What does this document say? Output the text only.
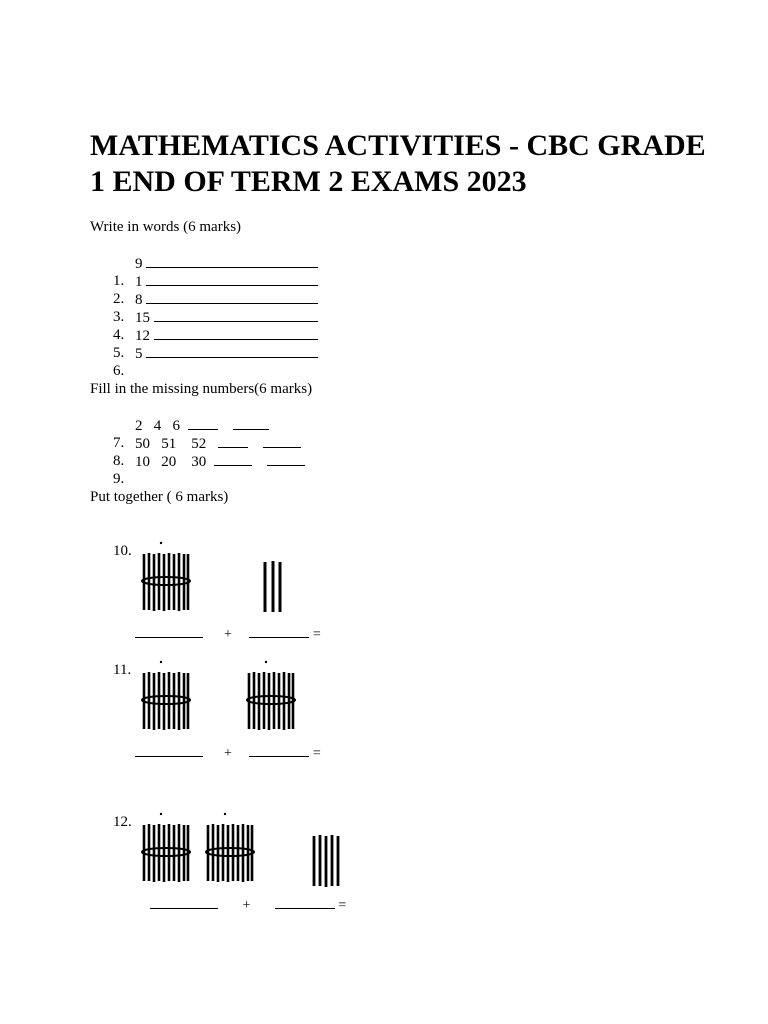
MATHEMATICS ACTIVITIES - CBC GRADE 1 END OF TERM 2 EXAMS 2023
Write in words (6 marks)

1.

9

2.

1

3.

8

4.

15

5.

12

6.

5
Fill in the missing numbers(6 marks)

7.

2 4 6

8.

50 51 52

9.

10 20 30
Put together ( 6 marks)

10.

+	=

11.

+	=

12.

+	=
